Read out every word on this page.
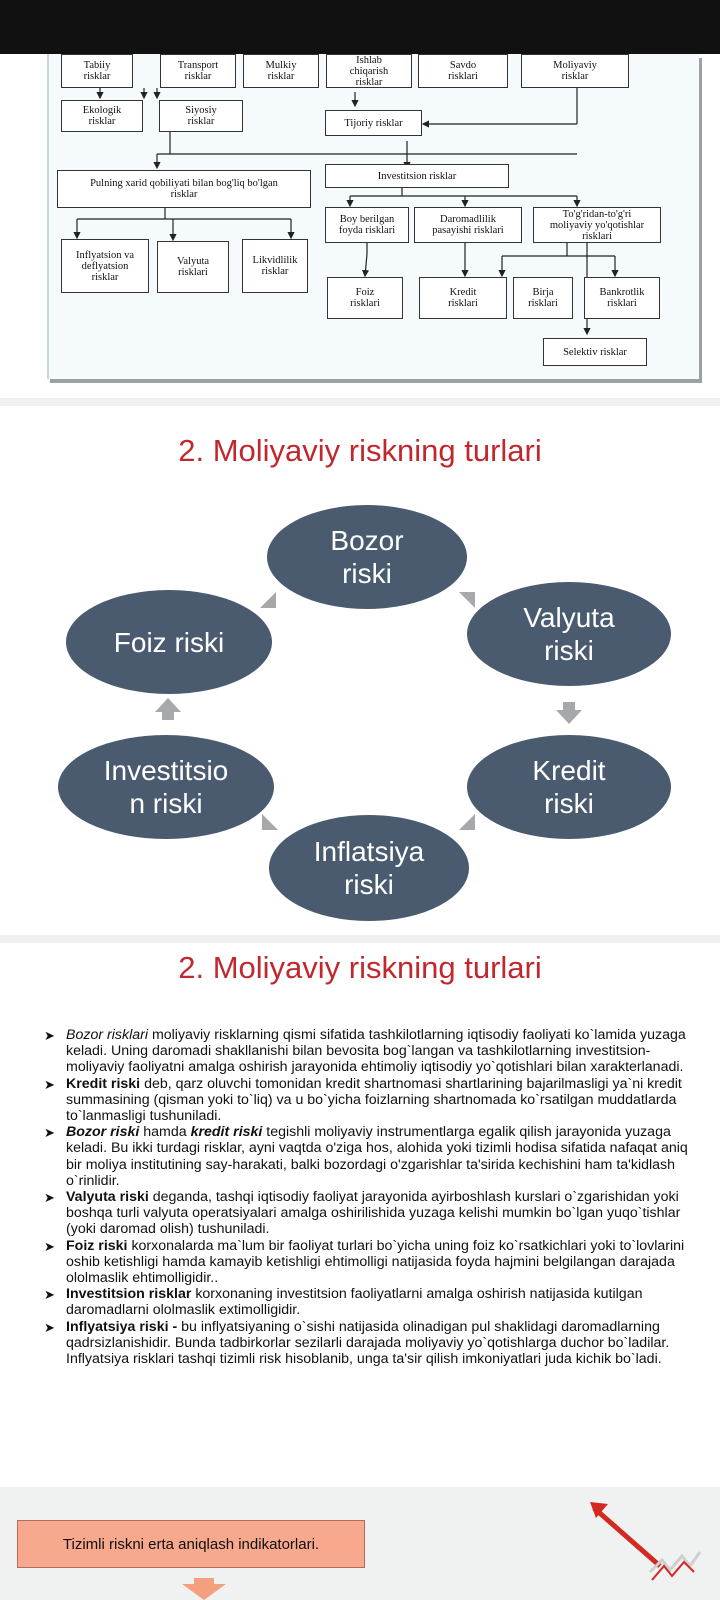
Tabiiy
risklar
Transport
risklar
Mulkiy
risklar
Ishlab
chiqarish
risklar
Savdo
risklari
Moliyaviy
risklar
Ekologik
risklar
Siyosiy
risklar	Tijoriy risklar
Pulning xarid qobiliyati bilan bog'liq bo'lgan
risklar
Investitsion risklar
Boy berilgan
foyda risklari
Daromadlilik
pasayishi risklari
To'g'ridan-to'g'ri
moliyaviy yo'qotishlar
risklari
Inflyatsion va
deflyatsion
risklar
Valyuta
risklari
Likvidlilik
risklar
Foiz
risklari
Kredit
risklari
Birja
risklari
Bankrotlik
risklari
Selektiv risklar
2. Moliyaviy riskning turlari
Bozor
riski
Valyuta
riski
Kredit
riski
Inflatsiya
riski
Investitsio
n riski
Foiz riski
2. Moliyaviy riskning turlari
➤ Bozor risklari moliyaviy risklarning qismi sifatida tashkilotlarning iqtisodiy faoliyati ko`lamida yuzaga keladi. Uning daromadi shakllanishi bilan bevosita bog`langan va tashkilotlarning investitsion-moliyaviy faoliyatni amalga oshirish jarayonida ehtimoliy iqtisodiy yo`qotishlari bilan xarakterlanadi.
➤ Kredit riski deb, qarz oluvchi tomonidan kredit shartnomasi shartlarining bajarilmasligi ya`ni kredit summasining (qisman yoki to`liq) va u bo`yicha foizlarning shartnomada ko`rsatilgan muddatlarda to`lanmasligi tushuniladi.
➤ Bozor riski hamda kredit riski tegishli moliyaviy instrumentlarga egalik qilish jarayonida yuzaga keladi. Bu ikki turdagi risklar, ayni vaqtda o'ziga hos, alohida yoki tizimli hodisa sifatida nafaqat aniq bir moliya institutining say-harakati, balki bozordagi o'zgarishlar ta'sirida kechishini ham ta'kidlash o`rinlidir.
➤ Valyuta riski deganda, tashqi iqtisodiy faoliyat jarayonida ayirboshlash kurslari o`zgarishidan yoki boshqa turli valyuta operatsiyalari amalga oshirilishida yuzaga kelishi mumkin bo`lgan yuqo`tishlar (yoki daromad olish) tushuniladi.
➤ Foiz riski korxonalarda ma`lum bir faoliyat turlari bo`yicha uning foiz ko`rsatkichlari yoki to`lovlarini oshib ketishligi hamda kamayib ketishligi ehtimolligi natijasida foyda hajmini belgilangan darajada ololmaslik ehtimolligidir..
➤ Investitsion risklar korxonaning investitsion faoliyatlarni amalga oshirish natijasida kutilgan daromadlarni ololmaslik extimolligidir.
➤ Inflyatsiya riski - bu inflyatsiyaning o`sishi natijasida olinadigan pul shaklidagi daromadlarning qadrsizlanishidir. Bunda tadbirkorlar sezilarli darajada moliyaviy yo`qotishlarga duchor bo`ladilar. Inflyatsiya risklari tashqi tizimli risk hisoblanib, unga ta'sir qilish imkoniyatlari juda kichik bo`ladi.
Tizimli riskni erta aniqlash indikatorlari.
